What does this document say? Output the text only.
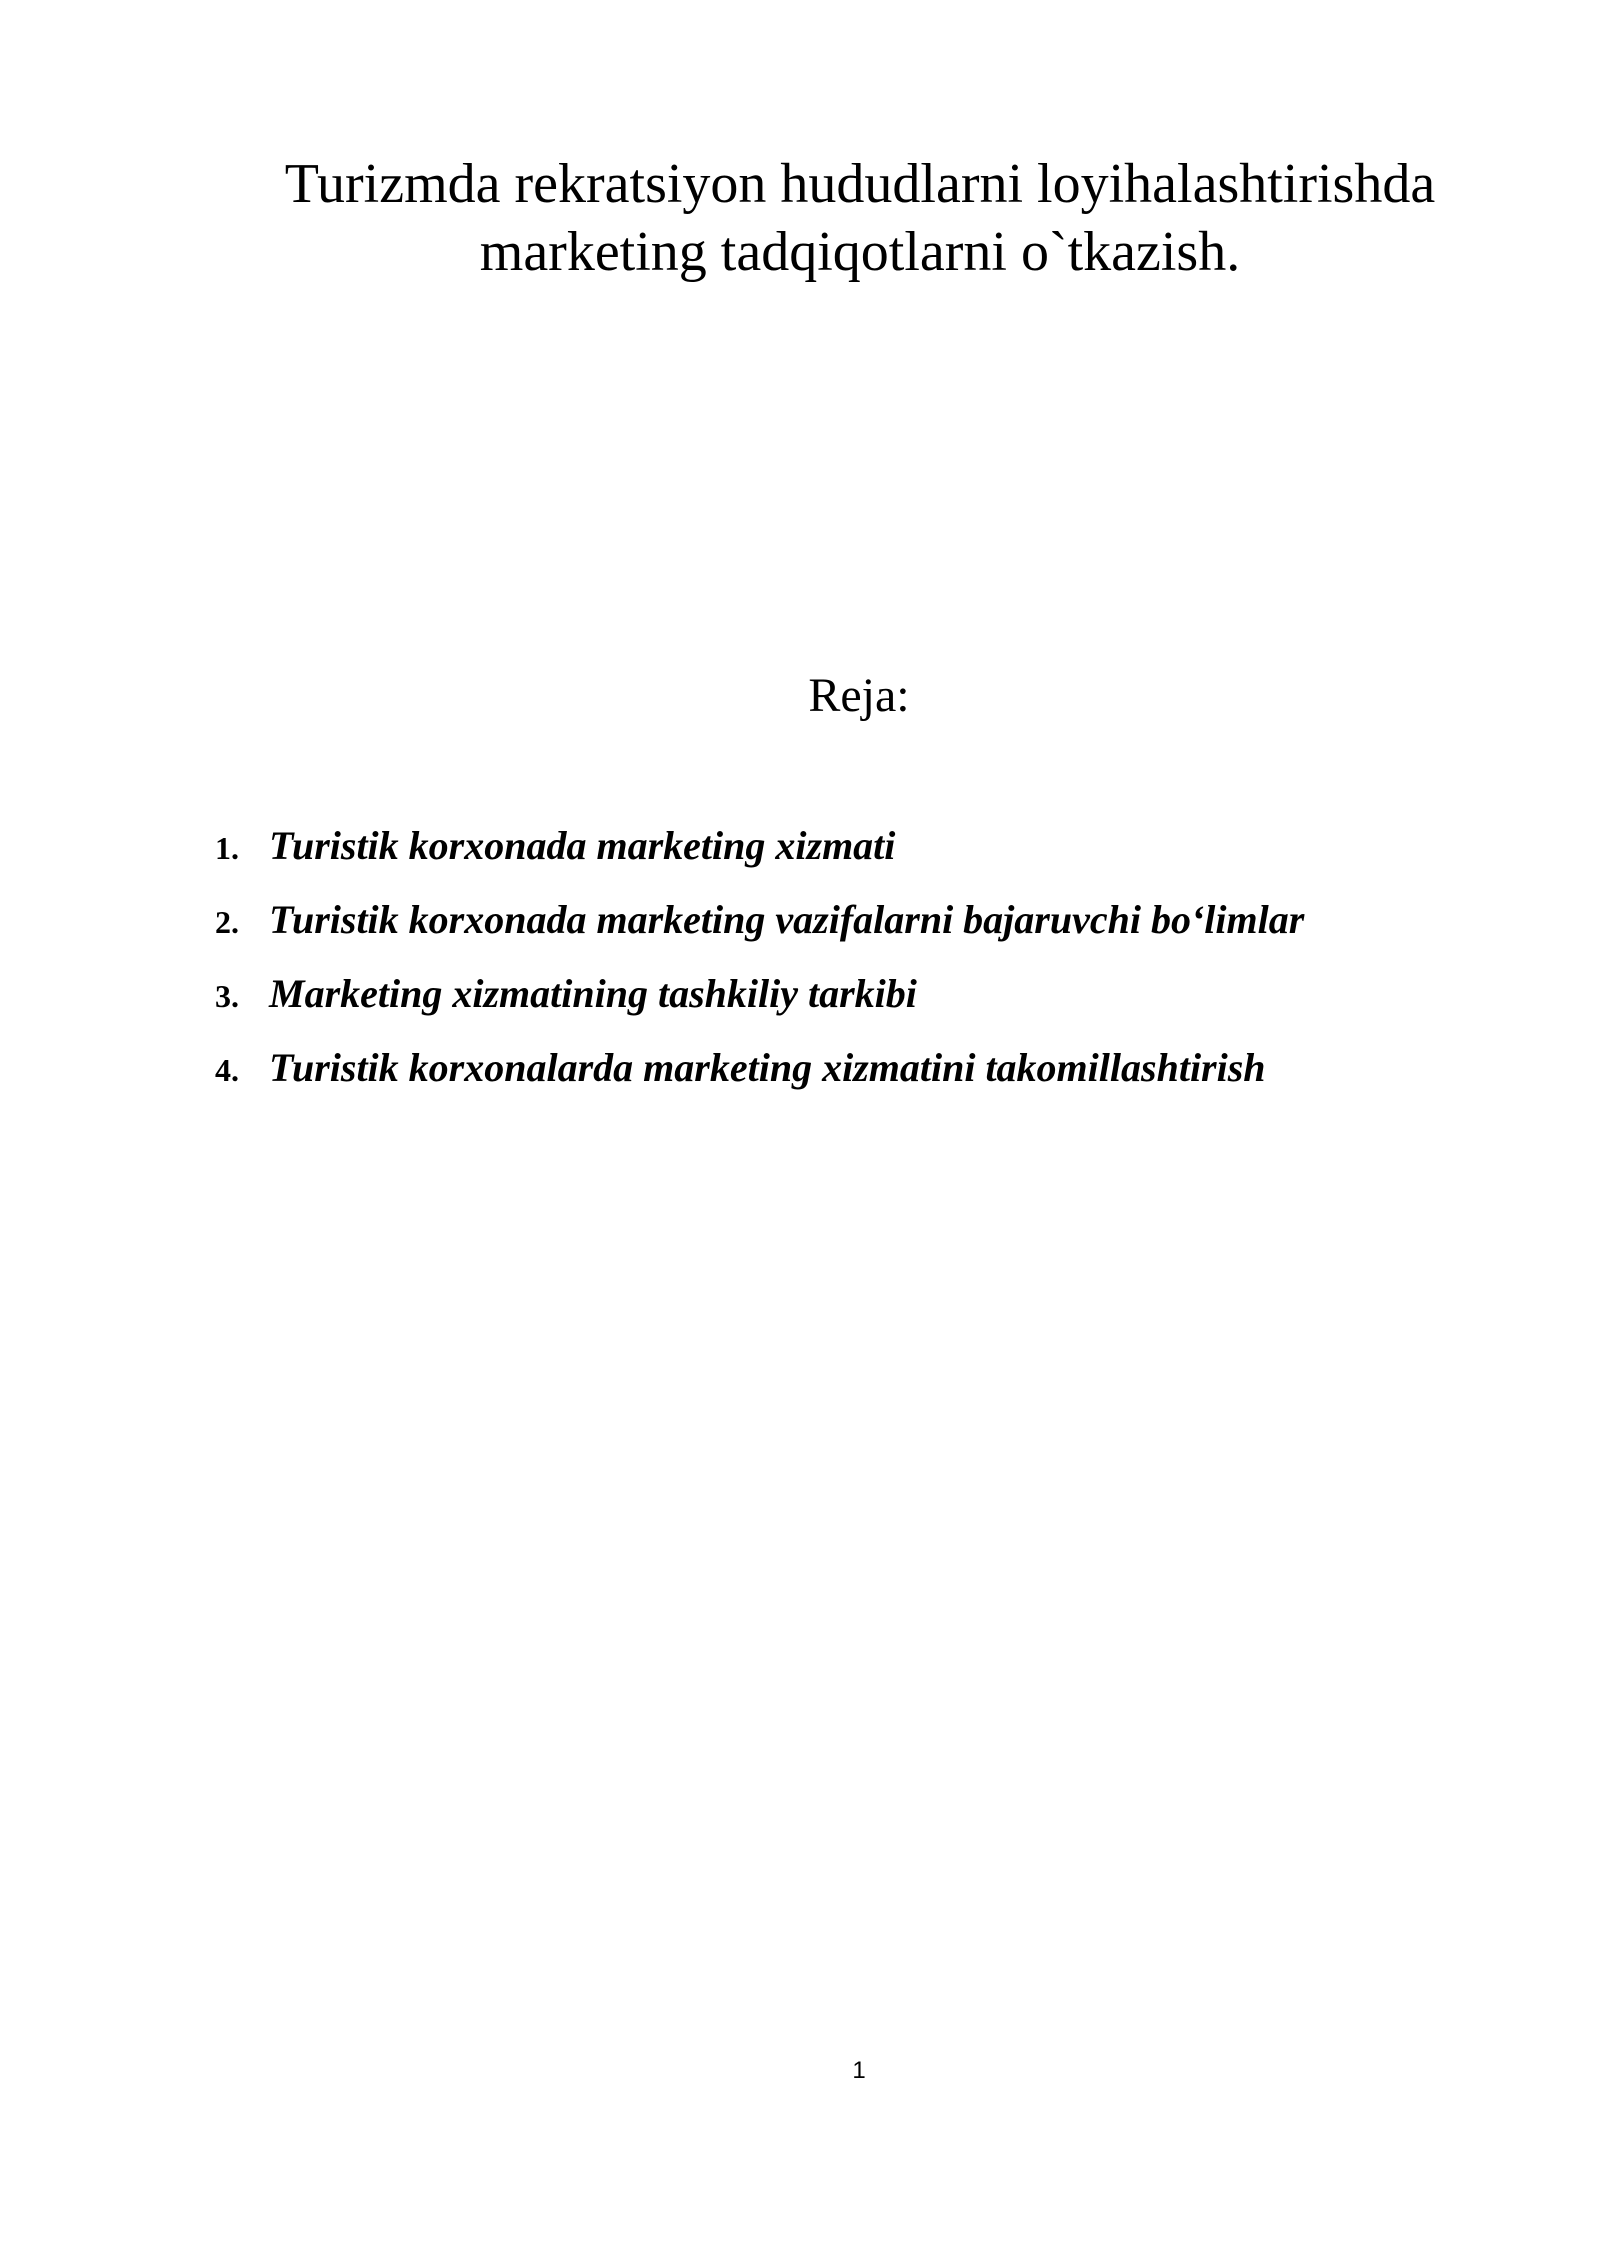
Turizmda rekratsiyon hududlarni loyihalashtirishda
marketing tadqiqotlarni o`tkazish.
Reja:
1. Turistik korxonada marketing xizmati
2. Turistik korxonada marketing vazifalarni bajaruvchi bo‘limlar
3. Marketing xizmatining tashkiliy tarkibi
4. Turistik korxonalarda marketing xizmatini takomillashtirish
1
